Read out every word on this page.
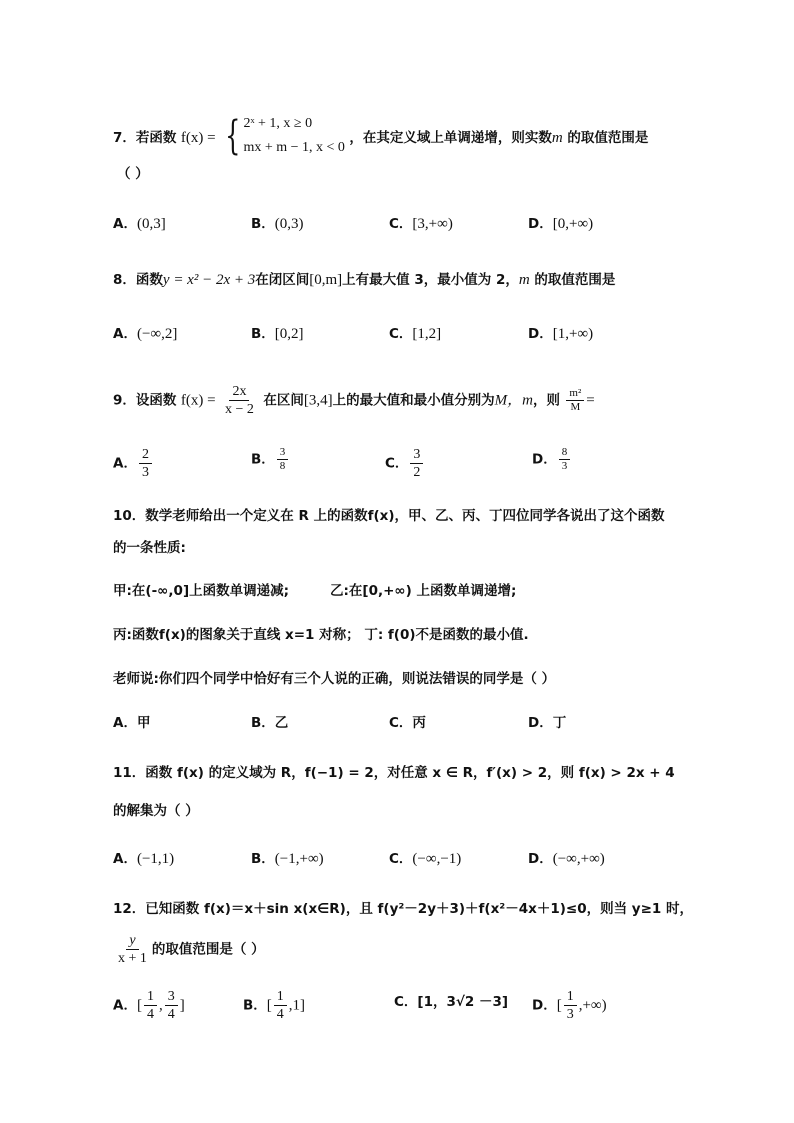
7．若函数 f(x) = { 2ˣ + 1, x ≥ 0
mx + m − 1, x < 0
，在其定义域上单调递增，则实数m 的取值范围是
（ ）
A．(0,3]	B．(0,3)	C．[3,+∞)	D．[0,+∞)
8．函数y = x² − 2x + 3在闭区间[0,m]上有最大值 3，最小值为 2，m 的取值范围是
A．(−∞,2]	B．[0,2]	C．[1,2]	D．[1,+∞)
9．设函数 $f(x) = \frac{2x}{x - 2}$ 在区间[3,4]上的最大值和最小值分别为M，m，则 $\frac{\text{m²}}{M}$ =
A． $\frac{2}{3}$	B． $\frac{3}{8}$	C． $\frac{3}{2}$	D． $\frac{8}{3}$
10．数学老师给出一个定义在 R 上的函数f(x)，甲、乙、丙、丁四位同学各说出了这个函数
的一条性质:
甲:在(-∞,0]上函数单调递减;	乙:在[0,+∞) 上函数单调递增;
丙:函数f(x)的图象关于直线 x=1 对称； 丁: f(0)不是函数的最小值.
老师说:你们四个同学中恰好有三个人说的正确，则说法错误的同学是（ ）
A．甲	B．乙	C．丙	D．丁
11．函数 f(x) 的定义域为 R，f(−1) = 2，对任意 x ∈ R，f′(x) > 2，则 f(x) > 2x + 4
的解集为（ ）
A．(−1,1)	B．(−1,+∞)	C．(−∞,−1)	D．(−∞,+∞)
12．已知函数 f(x)＝x＋sin x(x∈R)，且 f(y²－2y＋3)＋f(x²－4x＋1)≤0，则当 y≥1 时，
$\frac{y}{x + 1}$ 的取值范围是（ ）
A．[ $\frac{1}{4}$ , $\frac{3}{4}$ ]	B．[ $\frac{1}{4} ,1$]	C．[1，3√2 －3] D．[ $\frac{1}{3}$ ,+∞)
